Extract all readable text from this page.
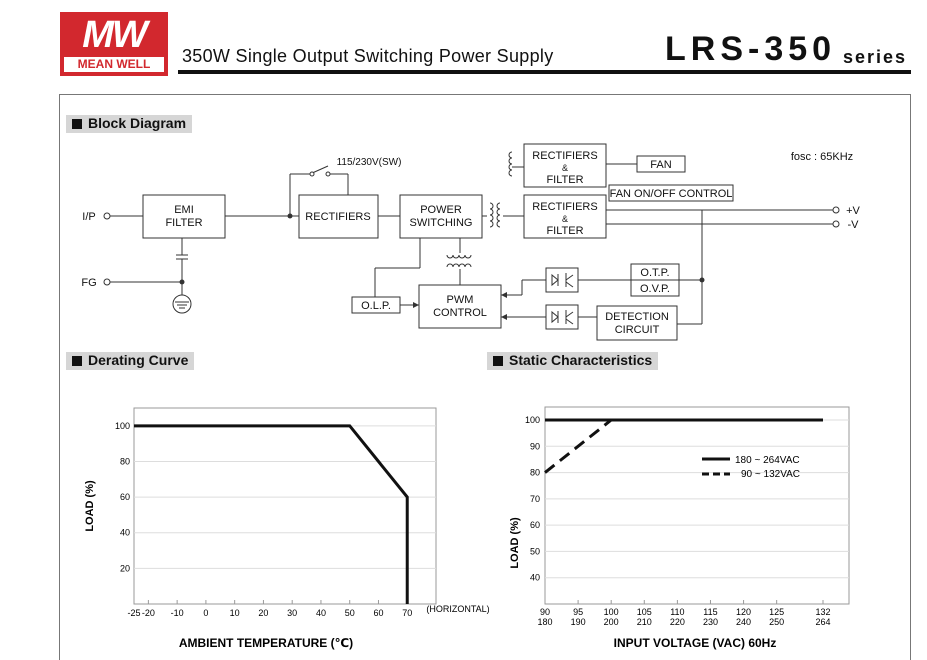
MW
MEAN WELL	350W Single Output Switching Power Supply	LRS-350 series
Block Diagram
Derating Curve	Static Characteristics
I/P
FG
115/230V(SW)	fosc : 65KHz
EMI
FILTER	RECTIFIERS
POWER
SWITCHING
RECTIFIERS
&
FILTER
FAN
FAN ON/OFF CONTROL
RECTIFIERS
&
FILTER
+V
-V
O.T.P.
O.V.P.
O.L.P.	PWM
CONTROL	DETECTION
CIRCUIT
20
40
60
80
100
-25 -20 -10 0 10 20 30 40 50 60 70 (HORIZONTAL)
AMBIENT TEMPERATURE (℃)
LOAD (%)
40
50
60
70
80
90
100
90
180
95
190
100
200
105
210
110
220
115
230
120
240
125
250
132
264
180 ~ 264VAC
90 ~ 132VAC
INPUT VOLTAGE (VAC) 60Hz
LOAD (%)
